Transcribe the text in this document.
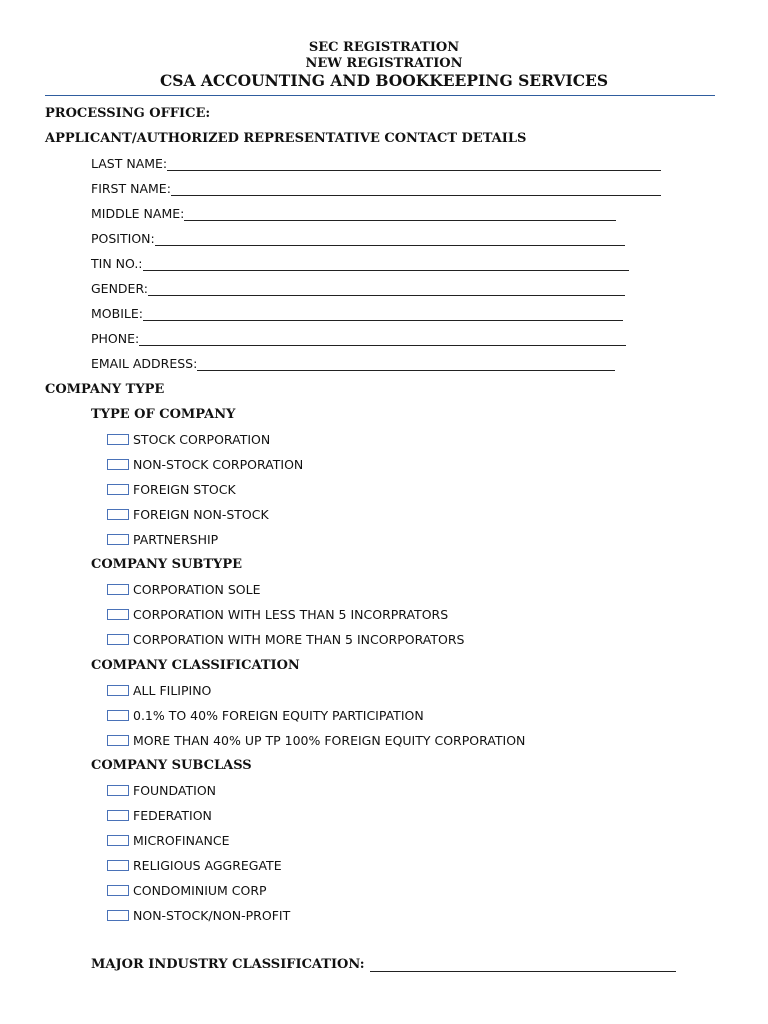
SEC REGISTRATION
NEW REGISTRATION
CSA ACCOUNTING AND BOOKKEEPING SERVICES
PROCESSING OFFICE:
APPLICANT/AUTHORIZED REPRESENTATIVE CONTACT DETAILS
LAST NAME:
FIRST NAME:
MIDDLE NAME:
POSITION:
TIN NO.:
GENDER:
MOBILE:
PHONE:
EMAIL ADDRESS:
COMPANY TYPE
TYPE OF COMPANY
STOCK CORPORATION
NON-STOCK CORPORATION
FOREIGN STOCK
FOREIGN NON-STOCK
PARTNERSHIP
COMPANY SUBTYPE
CORPORATION SOLE
CORPORATION WITH LESS THAN 5 INCORPRATORS
CORPORATION WITH MORE THAN 5 INCORPORATORS
COMPANY CLASSIFICATION
ALL FILIPINO
0.1% TO 40% FOREIGN EQUITY PARTICIPATION
MORE THAN 40% UP TP 100% FOREIGN EQUITY CORPORATION
COMPANY SUBCLASS
FOUNDATION
FEDERATION
MICROFINANCE
RELIGIOUS AGGREGATE
CONDOMINIUM CORP
NON-STOCK/NON-PROFIT
MAJOR INDUSTRY CLASSIFICATION:
